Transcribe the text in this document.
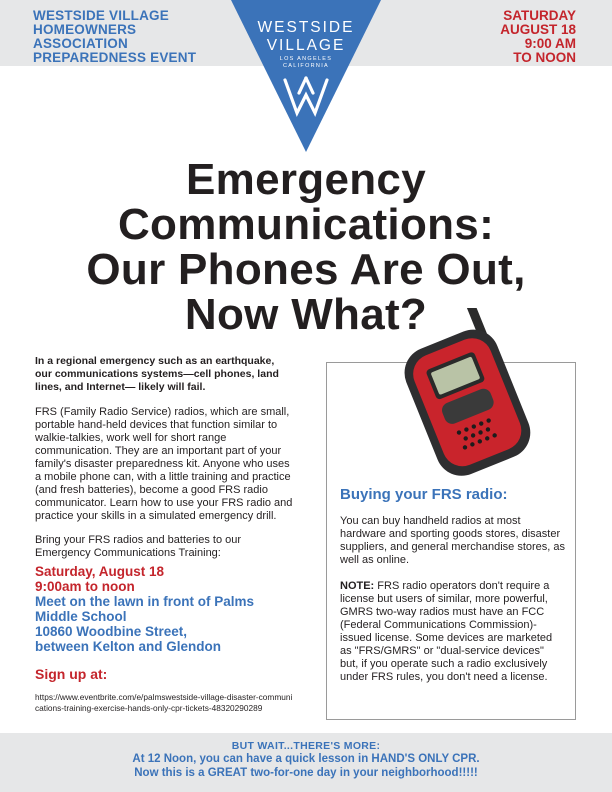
WESTSIDE VILLAGE
HOMEOWNERS
ASSOCIATION
PREPAREDNESS EVENT
SATURDAY
AUGUST 18
9:00 AM
TO NOON
WESTSIDE
VILLAGE
LOS ANGELES
CALIFORNIA
Emergency
Communications:
Our Phones Are Out,
Now What?

In a regional emergency such as an earthquake, our communications systems—cell phones, land lines, and Internet— likely will fail.

FRS (Family Radio Service) radios, which are small, portable hand-held devices that function similar to walkie-talkies, work well for short range communication. They are an important part of your family's disaster preparedness kit. Anyone who uses a mobile phone can, with a little training and practice (and fresh batteries), become a good FRS radio communicator. Learn how to use your FRS radio and practice your skills in a simulated emergency drill.

Bring your FRS radios and batteries to our Emergency Communications Training:

Saturday, August 18
9:00am to noon
Meet on the lawn in front of Palms
Middle School
10860 Woodbine Street,
between Kelton and Glendon
Sign up at:
https://www.eventbrite.com/e/palmswestside-village-disaster-communications-training-exercise-hands-only-cpr-tickets-48320290289
Buying your FRS radio:
You can buy handheld radios at most hardware and sporting goods stores, disaster suppliers, and general merchandise stores, as well as online.
NOTE: FRS radio operators don't require a license but users of similar, more powerful, GMRS two-way radios must have an FCC (Federal Communications Commission)-issued license. Some devices are marketed as "FRS/GMRS" or "dual-service devices" but, if you operate such a radio exclusively under FRS rules, you don't need a license.
BUT WAIT...THERE'S MORE:
At 12 Noon, you can have a quick lesson in HAND'S ONLY CPR.
Now this is a GREAT two-for-one day in your neighborhood!!!!!
